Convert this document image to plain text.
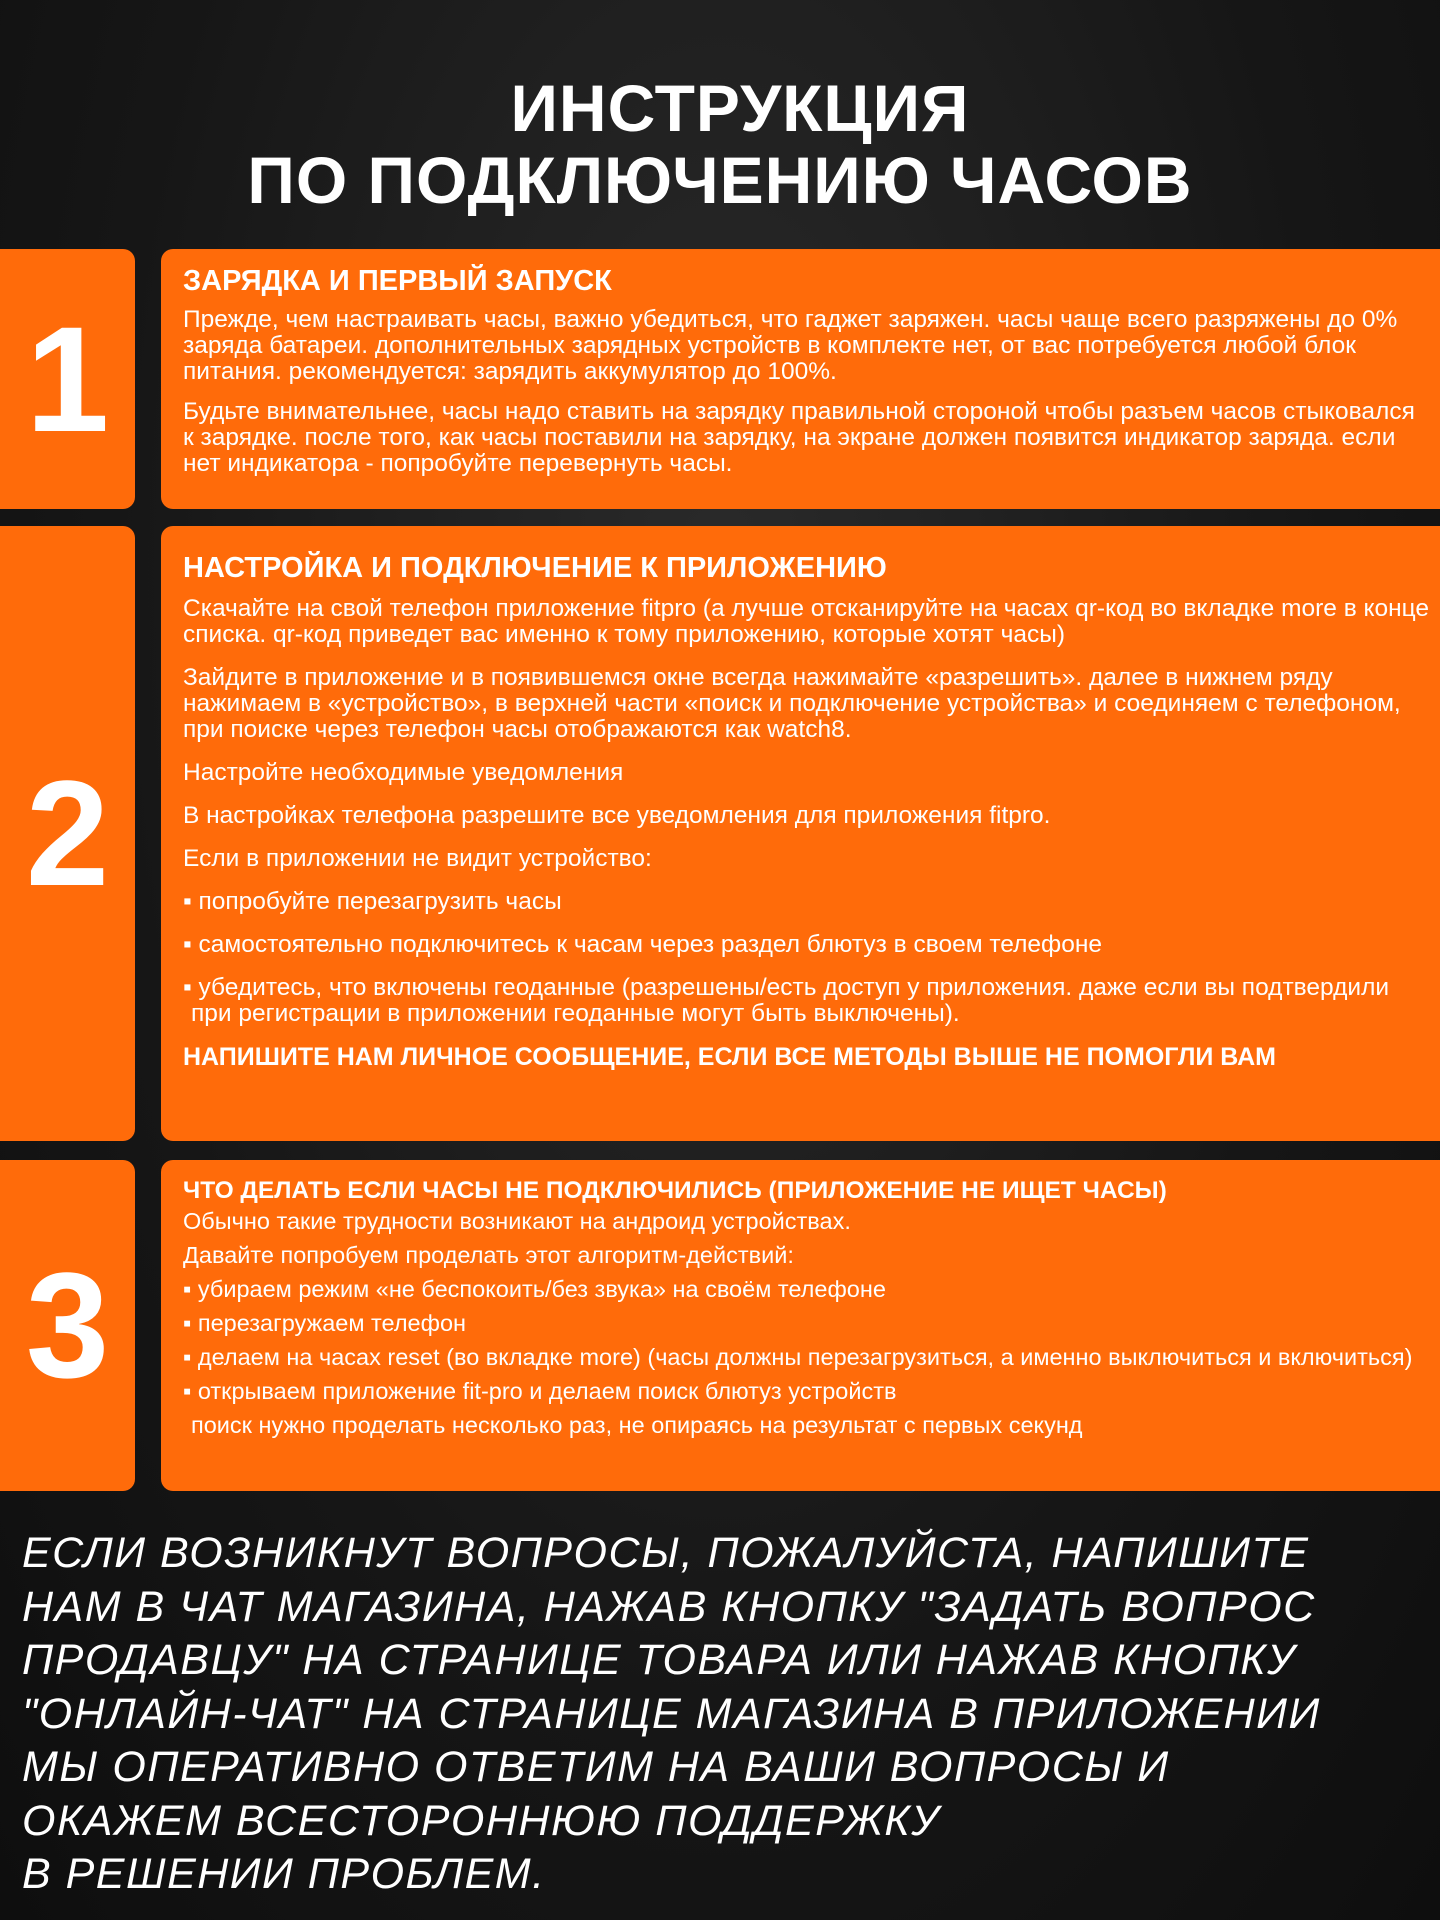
ИНСТРУКЦИЯ
ПО ПОДКЛЮЧЕНИЮ ЧАСОВ
1
ЗАРЯДКА И ПЕРВЫЙ ЗАПУСК

Прежде, чем настраивать часы, важно убедиться, что гаджет заряжен. часы чаще всего разряжены до 0% заряда батареи. дополнительных зарядных устройств в комплекте нет, от вас потребуется любой блок питания. рекомендуется: зарядить аккумулятор до 100%.

Будьте внимательнее, часы надо ставить на зарядку правильной стороной чтобы разъем часов стыковался к зарядке. после того, как часы поставили на зарядку, на экране должен появится индикатор заряда. если нет индикатора - попробуйте перевернуть часы.

2
НАСТРОЙКА И ПОДКЛЮЧЕНИЕ К ПРИЛОЖЕНИЮ

Скачайте на свой телефон приложение fitpro (а лучше отсканируйте на часах qr-код во вкладке more в конце списка. qr-код приведет вас именно к тому приложению, которые хотят часы)

Зайдите в приложение и в появившемся окне всегда нажимайте «разрешить». далее в нижнем ряду нажимаем в «устройство», в верхней части «поиск и подключение устройства» и соединяем с телефоном, при поиске через телефон часы отображаются как watch8.

Настройте необходимые уведомления

В настройках телефона разрешите все уведомления для приложения fitpro.

Если в приложении не видит устройство:

▪ попробуйте перезагрузить часы

▪ самостоятельно подключитесь к часам через раздел блютуз в своем телефоне

▪ убедитесь, что включены геоданные (разрешены/есть доступ у приложения. даже если вы подтвердили при регистрации в приложении геоданные могут быть выключены).

НАПИШИТЕ НАМ ЛИЧНОЕ СООБЩЕНИЕ, ЕСЛИ ВСЕ МЕТОДЫ ВЫШЕ НЕ ПОМОГЛИ ВАМ

3
ЧТО ДЕЛАТЬ ЕСЛИ ЧАСЫ НЕ ПОДКЛЮЧИЛИСЬ (ПРИЛОЖЕНИЕ НЕ ИЩЕТ ЧАСЫ)

Обычно такие трудности возникают на андроид устройствах.

Давайте попробуем проделать этот алгоритм-действий:

▪ убираем режим «не беспокоить/без звука» на своём телефоне

▪ перезагружаем телефон

▪ делаем на часах reset (во вкладке more) (часы должны перезагрузиться, а именно выключиться и включиться)

▪ открываем приложение fit-pro и делаем поиск блютуз устройств

поиск нужно проделать несколько раз, не опираясь на результат с первых секунд

ЕСЛИ ВОЗНИКНУТ ВОПРОСЫ, ПОЖАЛУЙСТА, НАПИШИТЕ
НАМ В ЧАТ МАГАЗИНА, НАЖАВ КНОПКУ "ЗАДАТЬ ВОПРОС
ПРОДАВЦУ" НА СТРАНИЦЕ ТОВАРА ИЛИ НАЖАВ КНОПКУ
"ОНЛАЙН-ЧАТ" НА СТРАНИЦЕ МАГАЗИНА В ПРИЛОЖЕНИИ
МЫ ОПЕРАТИВНО ОТВЕТИМ НА ВАШИ ВОПРОСЫ И
ОКАЖЕМ ВСЕСТОРОННЮЮ ПОДДЕРЖКУ
В РЕШЕНИИ ПРОБЛЕМ.
